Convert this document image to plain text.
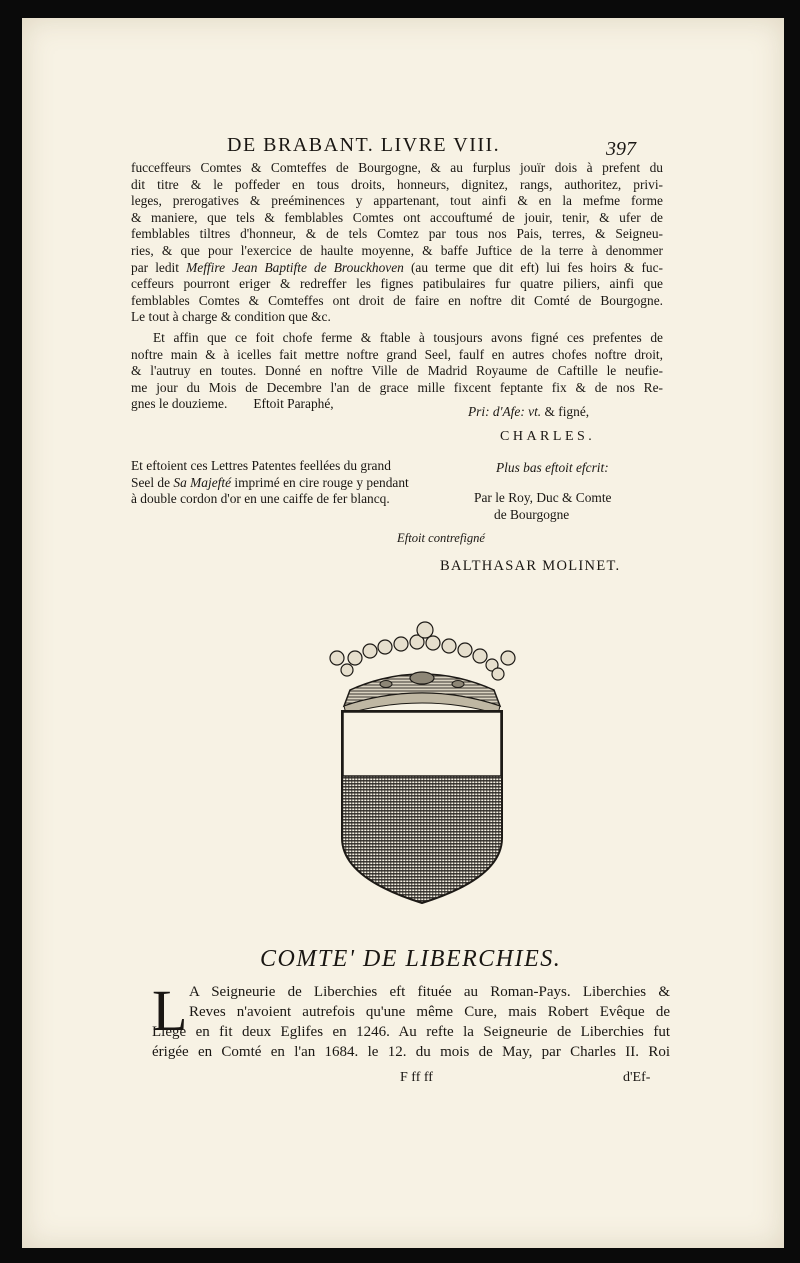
DE BRABANT. LIVRE VIII.	397
fucceffeurs Comtes & Comteffes de Bourgogne, & au furplus jouïr dois à prefent du
dit titre & le poffeder en tous droits, honneurs, dignitez, rangs, authoritez, privi-
leges, prerogatives & preéminences y appartenant, tout ainfi & en la mefme forme
& maniere, que tels & femblables Comtes ont accouftumé de jouir, tenir, & ufer de
femblables tiltres d'honneur, & de tels Comtez par tous nos Pais, terres, & Seigneu-
ries, & que pour l'exercice de haulte moyenne, & baffe Juftice de la terre à denommer
par ledit Meffire Jean Baptifte de Brouckhoven (au terme que dit eft) lui fes hoirs & fuc-
ceffeurs pourront eriger & redreffer les fignes patibulaires fur quatre piliers, ainfi que
femblables Comtes & Comteffes ont droit de faire en noftre dit Comté de Bourgogne.
Le tout à charge & condition que &c.
Et affin que ce foit chofe ferme & ftable à tousjours avons figné ces prefentes de
noftre main & à icelles fait mettre noftre grand Seel, faulf en autres chofes noftre droit,
& l'autruy en toutes. Donné en noftre Ville de Madrid Royaume de Caftille le neufie-
me jour du Mois de Decembre l'an de grace mille fixcent feptante fix & de nos Re-
gnes le douzieme. Eftoit Paraphé,
Pri: d'Afe: vt. & figné,
CHARLES.
Et eftoient ces Lettres Patentes feellées du grand
Seel de Sa Majefté imprimé en cire rouge y pendant
à double cordon d'or en une caiffe de fer blancq.
Plus bas eftoit efcrit:
Par le Roy, Duc & Comte
de Bourgogne
Eftoit contrefigné
BALTHASAR MOLINET.
COMTE' DE LIBERCHIES.
L A Seigneurie de Liberchies eft fituée au Roman-Pays. Liberchies &
Reves n'avoient autrefois qu'une même Cure, mais Robert Evêque de
Liege en fit deux Eglifes en 1246. Au refte la Seigneurie de Liberchies fut
érigée en Comté en l'an 1684. le 12. du mois de May, par Charles II. Roi
F ff ff	d'Ef-
